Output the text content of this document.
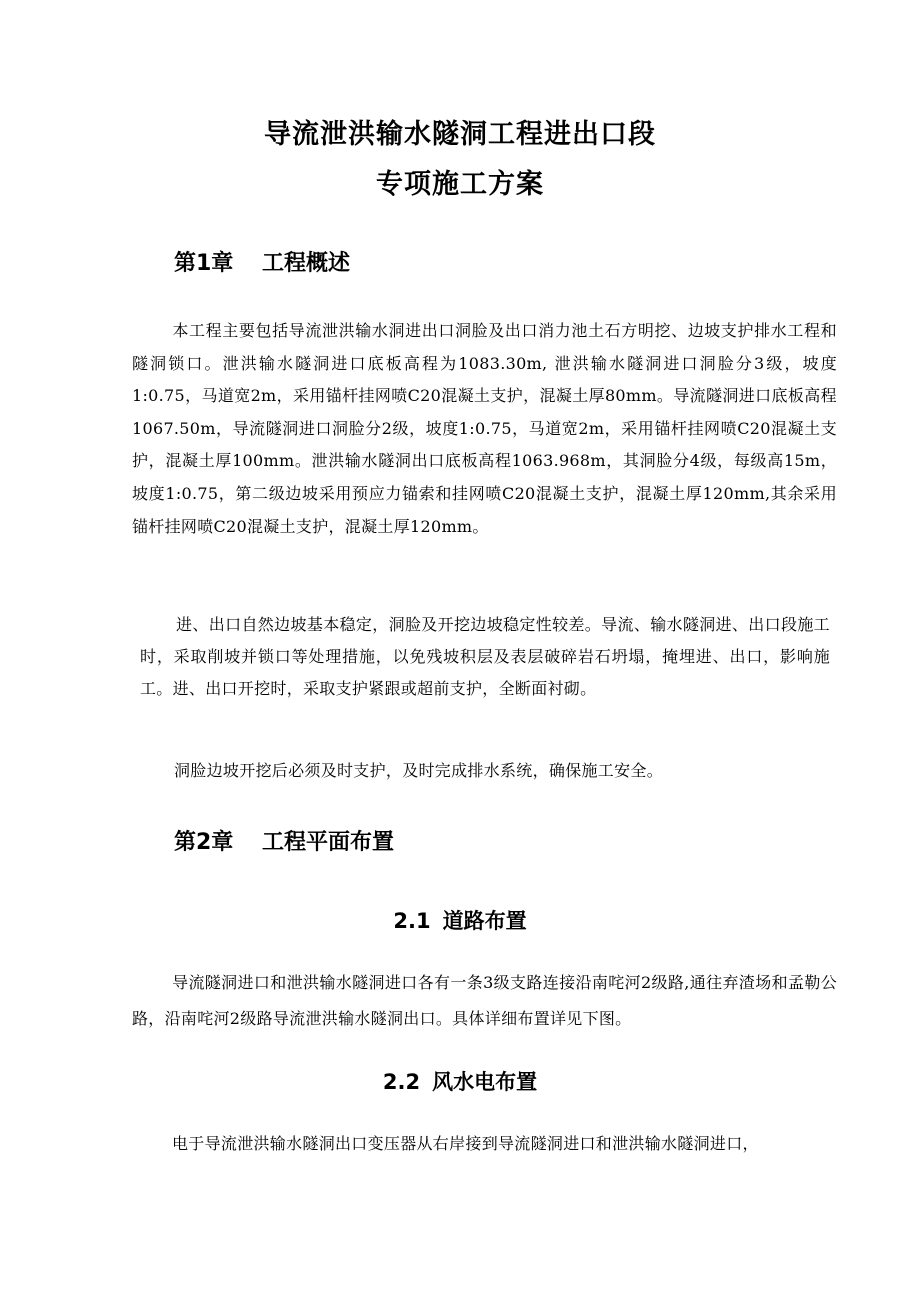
导流泄洪输水隧洞工程进出口段
专项施工方案
第1章 工程概述

本工程主要包括导流泄洪输水洞进出口洞脸及出口消力池土石方明挖、边坡支护排水工程和隧洞锁口。泄洪输水隧洞进口底板高程为1083.30m, 泄洪输水隧洞进口洞脸分3级，坡度1:0.75，马道宽2m，采用锚杆挂网喷C20混凝土支护，混凝土厚80mm。导流隧洞进口底板高程1067.50m，导流隧洞进口洞脸分2级，坡度1:0.75，马道宽2m，采用锚杆挂网喷C20混凝土支护，混凝土厚100mm。泄洪输水隧洞出口底板高程1063.968m，其洞脸分4级，每级高15m，坡度1:0.75，第二级边坡采用预应力锚索和挂网喷C20混凝土支护，混凝土厚120mm,其余采用锚杆挂网喷C20混凝土支护，混凝土厚120mm。

进、出口自然边坡基本稳定，洞脸及开挖边坡稳定性较差。导流、输水隧洞进、出口段施工时，采取削坡并锁口等处理措施，以免残坡积层及表层破碎岩石坍塌，掩埋进、出口，影响施工。进、出口开挖时，采取支护紧跟或超前支护，全断面衬砌。

洞脸边坡开挖后必须及时支护，及时完成排水系统，确保施工安全。

第2章 工程平面布置
2.1 道路布置

导流隧洞进口和泄洪输水隧洞进口各有一条3级支路连接沿南咤河2级路,通往弃渣场和孟勒公路，沿南咤河2级路导流泄洪输水隧洞出口。具体详细布置详见下图。

2.2 风水电布置

电于导流泄洪输水隧洞出口变压器从右岸接到导流隧洞进口和泄洪输水隧洞进口，
